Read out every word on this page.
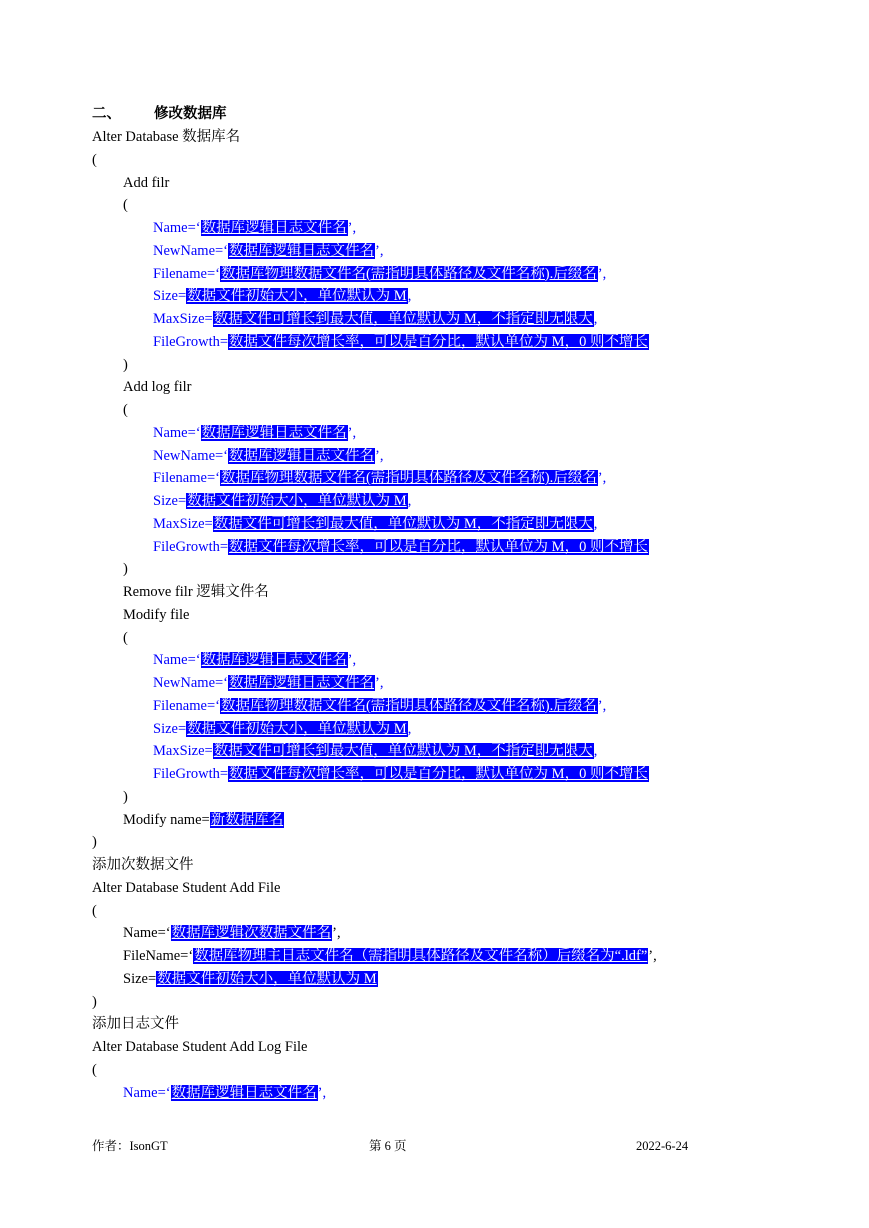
二、 修改数据库
Alter Database 数据库名
(
Add filr
(
Name=‘数据库逻辑日志文件名’,
NewName=‘数据库逻辑日志文件名’,
Filename=‘数据库物理数据文件名(需指明具体路径及文件名称).后缀名’,
Size=数据文件初始大小，单位默认为 M,
MaxSize=数据文件可增长到最大值，单位默认为 M，不指定即无限大,
FileGrowth=数据文件每次增长率，可以是百分比，默认单位为 M，0 则不增长
)
Add log filr
(
Name=‘数据库逻辑日志文件名’,
NewName=‘数据库逻辑日志文件名’,
Filename=‘数据库物理数据文件名(需指明具体路径及文件名称).后缀名’,
Size=数据文件初始大小，单位默认为 M,
MaxSize=数据文件可增长到最大值，单位默认为 M，不指定即无限大,
FileGrowth=数据文件每次增长率，可以是百分比，默认单位为 M，0 则不增长
)
Remove filr 逻辑文件名
Modify file
(
Name=‘数据库逻辑日志文件名’,
NewName=‘数据库逻辑日志文件名’,
Filename=‘数据库物理数据文件名(需指明具体路径及文件名称).后缀名’,
Size=数据文件初始大小，单位默认为 M,
MaxSize=数据文件可增长到最大值，单位默认为 M，不指定即无限大,
FileGrowth=数据文件每次增长率，可以是百分比，默认单位为 M，0 则不增长
)
Modify name=新数据库名
)
添加次数据文件
Alter Database Student Add File
(
Name=‘数据库逻辑次数据文件名’,
FileName=‘数据库物理主日志文件名（需指明具体路径及文件名称）后缀名为“.ldf”’,
Size=数据文件初始大小，单位默认为 M
)
添加日志文件
Alter Database Student Add Log File
(
Name=‘数据库逻辑日志文件名’,
作者：IsonGT	第 6 页	2022-6-24
